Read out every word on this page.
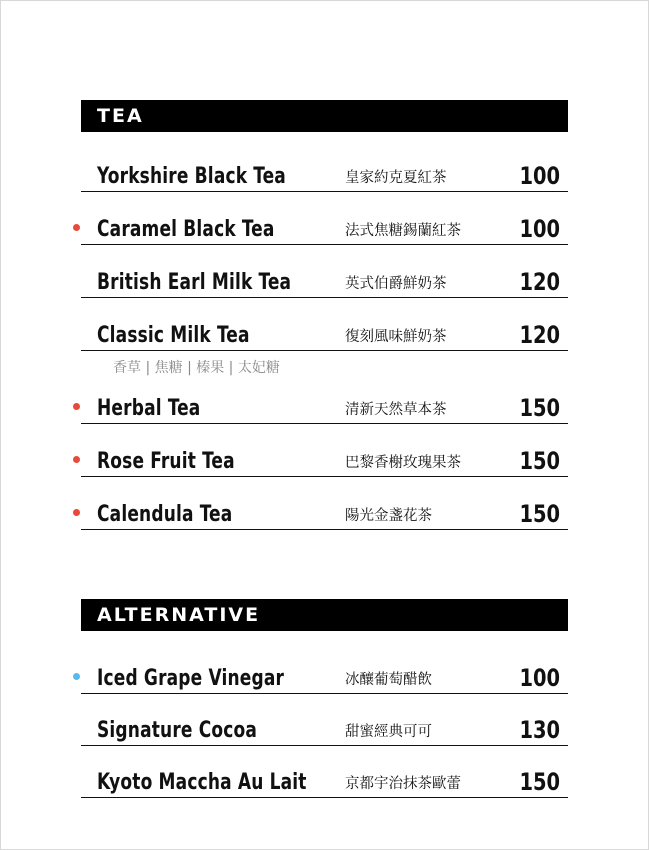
TEA
Yorkshire Black Tea	皇家約克夏紅茶	100
Caramel Black Tea	法式焦糖錫蘭紅茶 100
British Earl Milk Tea	英式伯爵鮮奶茶	120
Classic Milk Tea	復刻風味鮮奶茶	120
香草 | 焦糖 | 榛果 | 太妃糖
Herbal Tea	清新天然草本茶	150
Rose Fruit Tea	巴黎香榭玫瑰果茶 150
Calendula Tea	陽光金盞花茶	150
ALTERNATIVE
Iced Grape Vinegar	冰釀葡萄醋飲	100
Signature Cocoa	甜蜜經典可可	130
Kyoto Maccha Au Lait	京都宇治抹茶歐蕾 150
